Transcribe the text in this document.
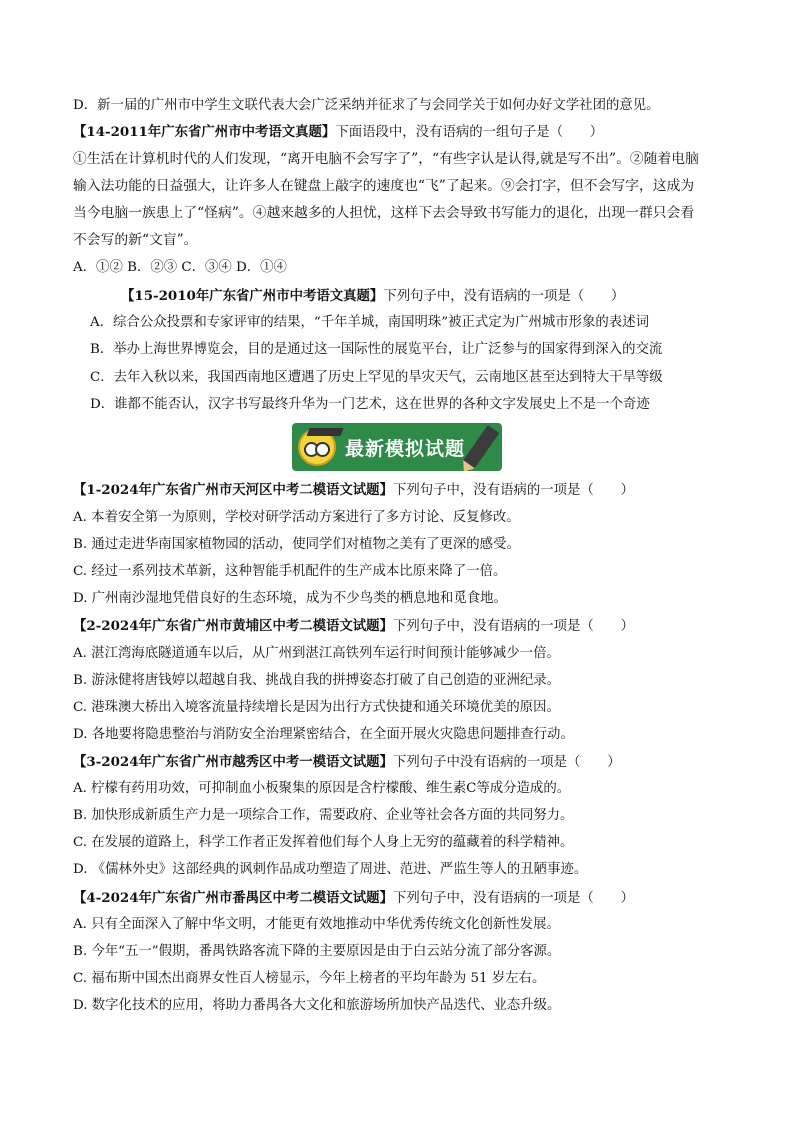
D．新一届的广州市中学生文联代表大会广泛采纳并征求了与会同学关于如何办好文学社团的意见。
【14-2011年广东省广州市中考语文真题】下面语段中，没有语病的一组句子是（　　）
①生活在计算机时代的人们发现，“离开电脑不会写字了”，“有些字认是认得,就是写不出”。②随着电脑
输入法功能的日益强大，让许多人在键盘上敲字的速度也“飞”了起来。⑨会打字，但不会写字，这成为
当今电脑一族患上了“怪病”。④越来越多的人担忧，这样下去会导致书写能力的退化，出现一群只会看
不会写的新“文盲”。
A．①② B．②③ C．③④ D．①④
【15-2010年广东省广州市中考语文真题】下列句子中，没有语病的一项是（　　）
A．综合公众投票和专家评审的结果，“千年羊城，南国明珠”被正式定为广州城市形象的表述词
B．举办上海世界博览会，目的是通过这一国际性的展览平台，让广泛参与的国家得到深入的交流
C．去年入秋以来，我国西南地区遭遇了历史上罕见的旱灾天气，云南地区甚至达到特大干旱等级
D．谁都不能否认，汉字书写最终升华为一门艺术，这在世界的各种文字发展史上不是一个奇迹
最新模拟试题
【1-2024年广东省广州市天河区中考二模语文试题】下列句子中，没有语病的一项是（　　）
A. 本着安全第一为原则，学校对研学活动方案进行了多方讨论、反复修改。
B. 通过走进华南国家植物园的活动，使同学们对植物之美有了更深的感受。
C. 经过一系列技术革新，这种智能手机配件的生产成本比原来降了一倍。
D. 广州南沙湿地凭借良好的生态环境，成为不少鸟类的栖息地和觅食地。
【2-2024年广东省广州市黄埔区中考二模语文试题】下列句子中，没有语病的一项是（　　）
A. 湛江湾海底隧道通车以后，从广州到湛江高铁列车运行时间预计能够减少一倍。
B. 游泳健将唐钱婷以超越自我、挑战自我的拼搏姿态打破了自己创造的亚洲纪录。
C. 港珠澳大桥出入境客流量持续增长是因为出行方式快捷和通关环境优美的原因。
D. 各地要将隐患整治与消防安全治理紧密结合，在全面开展火灾隐患问题排查行动。
【3-2024年广东省广州市越秀区中考一模语文试题】下列句子中没有语病的一项是（　　）
A. 柠檬有药用功效，可抑制血小板聚集的原因是含柠檬酸、维生素C等成分造成的。
B. 加快形成新质生产力是一项综合工作，需要政府、企业等社会各方面的共同努力。
C. 在发展的道路上，科学工作者正发挥着他们每个人身上无穷的蕴藏着的科学精神。
D. 《儒林外史》这部经典的讽刺作品成功塑造了周进、范进、严监生等人的丑陋事迹。
【4-2024年广东省广州市番禺区中考二模语文试题】下列句子中，没有语病的一项是（　　）
A. 只有全面深入了解中华文明，才能更有效地推动中华优秀传统文化创新性发展。
B. 今年“五一”假期，番禺铁路客流下降的主要原因是由于白云站分流了部分客源。
C. 福布斯中国杰出商界女性百人榜显示，今年上榜者的平均年龄为 51 岁左右。
D. 数字化技术的应用，将助力番禺各大文化和旅游场所加快产品迭代、业态升级。
